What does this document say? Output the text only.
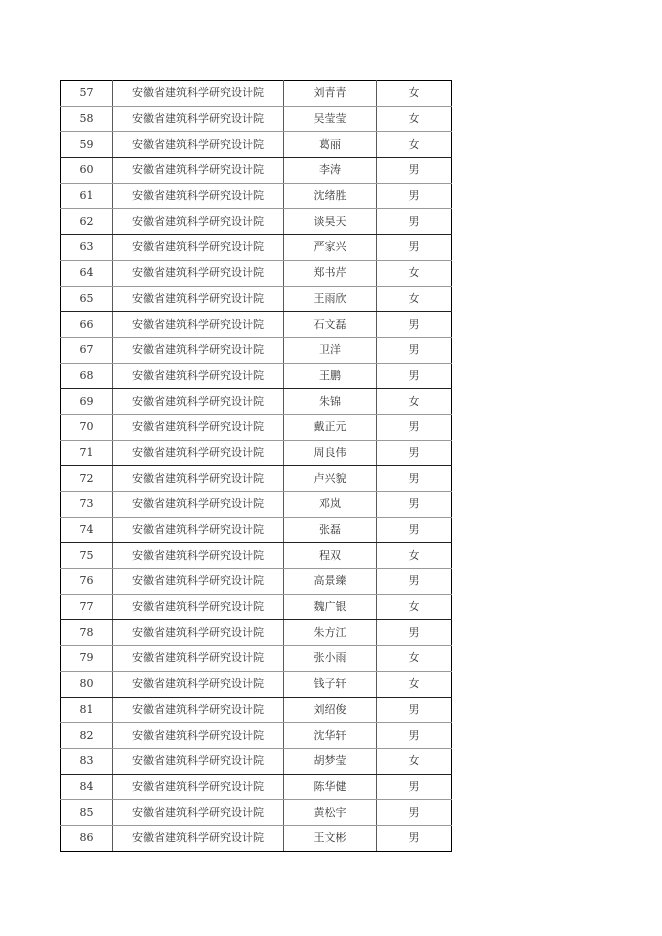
57	安徽省建筑科学研究设计院	刘青青	女
58	安徽省建筑科学研究设计院	吴莹莹	女
59	安徽省建筑科学研究设计院	葛丽	女
60	安徽省建筑科学研究设计院	李涛	男
61	安徽省建筑科学研究设计院	沈绪胜	男
62	安徽省建筑科学研究设计院	谈昊天	男
63	安徽省建筑科学研究设计院	严家兴	男
64	安徽省建筑科学研究设计院	郑书芹	女
65	安徽省建筑科学研究设计院	王雨欣	女
66	安徽省建筑科学研究设计院	石文磊	男
67	安徽省建筑科学研究设计院	卫洋	男
68	安徽省建筑科学研究设计院	王鹏	男
69	安徽省建筑科学研究设计院	朱锦	女
70	安徽省建筑科学研究设计院	戴正元	男
71	安徽省建筑科学研究设计院	周良伟	男
72	安徽省建筑科学研究设计院	卢兴貌	男
73	安徽省建筑科学研究设计院	邓岚	男
74	安徽省建筑科学研究设计院	张磊	男
75	安徽省建筑科学研究设计院	程双	女
76	安徽省建筑科学研究设计院	高景臻	男
77	安徽省建筑科学研究设计院	魏广银	女
78	安徽省建筑科学研究设计院	朱方江	男
79	安徽省建筑科学研究设计院	张小雨	女
80	安徽省建筑科学研究设计院	钱子轩	女
81	安徽省建筑科学研究设计院	刘绍俊	男
82	安徽省建筑科学研究设计院	沈华轩	男
83	安徽省建筑科学研究设计院	胡梦莹	女
84	安徽省建筑科学研究设计院	陈华健	男
85	安徽省建筑科学研究设计院	黄松宇	男
86	安徽省建筑科学研究设计院	王文彬	男
